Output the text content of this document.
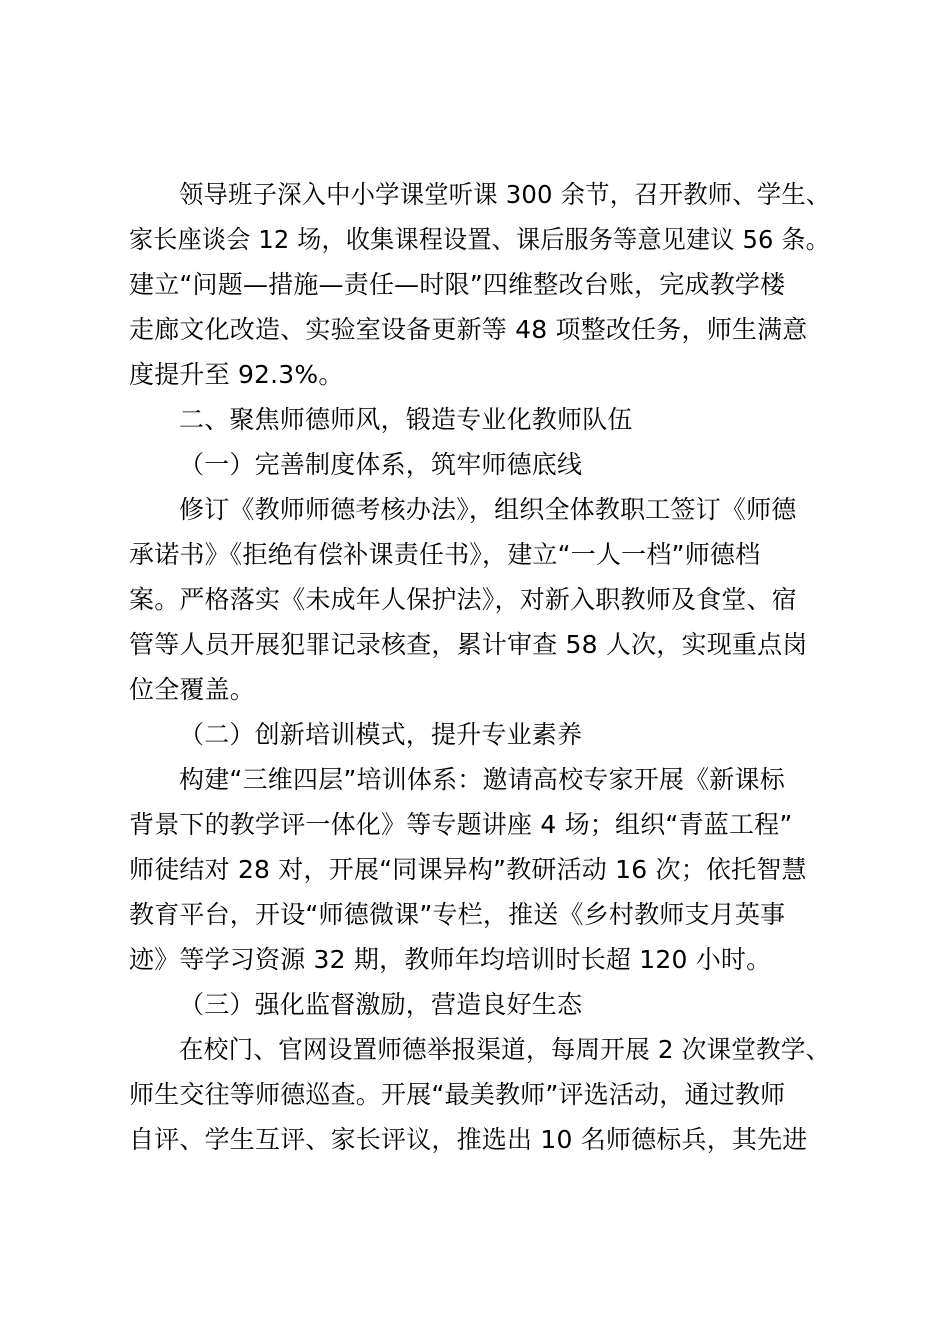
领导班子深入中小学课堂听课 300 余节，召开教师、学生、
家长座谈会 12 场，收集课程设置、课后服务等意见建议 56 条。
建立“问题—措施—责任—时限”四维整改台账，完成教学楼
走廊文化改造、实验室设备更新等 48 项整改任务，师生满意
度提升至 92.3%。
二、聚焦师德师风，锻造专业化教师队伍
（一）完善制度体系，筑牢师德底线
修订《教师师德考核办法》，组织全体教职工签订《师德
承诺书》《拒绝有偿补课责任书》，建立“一人一档”师德档
案。严格落实《未成年人保护法》，对新入职教师及食堂、宿
管等人员开展犯罪记录核查，累计审查 58 人次，实现重点岗
位全覆盖。
（二）创新培训模式，提升专业素养
构建“三维四层”培训体系：邀请高校专家开展《新课标
背景下的教学评一体化》等专题讲座 4 场；组织“青蓝工程”
师徒结对 28 对，开展“同课异构”教研活动 16 次；依托智慧
教育平台，开设“师德微课”专栏，推送《乡村教师支月英事
迹》等学习资源 32 期，教师年均培训时长超 120 小时。
（三）强化监督激励，营造良好生态
在校门、官网设置师德举报渠道，每周开展 2 次课堂教学、
师生交往等师德巡查。开展“最美教师”评选活动，通过教师
自评、学生互评、家长评议，推选出 10 名师德标兵，其先进
